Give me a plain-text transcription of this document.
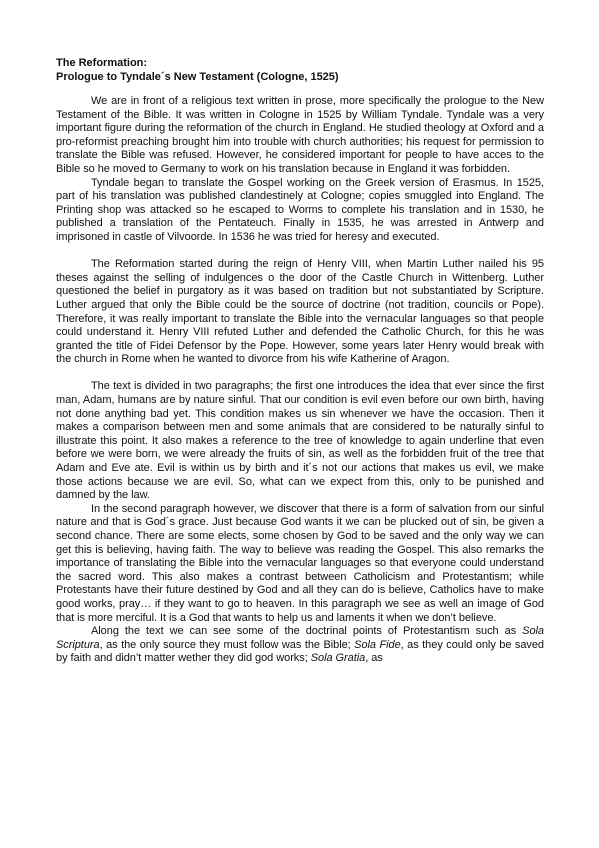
The Reformation:
Prologue to Tyndale´s New Testament (Cologne, 1525)

We are in front of a religious text written in prose, more specifically the prologue to the New Testament of the Bible. It was written in Cologne in 1525 by William Tyndale. Tyndale was a very important figure during the reformation of the church in England. He studied theology at Oxford and a pro-reformist preaching brought him into trouble with church authorities; his request for permission to translate the Bible was refused. However, he considered important for people to have acces to the Bible so he moved to Germany to work on his translation because in England it was forbidden.

Tyndale began to translate the Gospel working on the Greek version of Erasmus. In 1525, part of his translation was published clandestinely at Cologne; copies smuggled into England. The Printing shop was attacked so he escaped to Worms to complete his translation and in 1530, he published a translation of the Pentateuch. Finally in 1535, he was arrested in Antwerp and imprisoned in castle of Vilvoorde. In 1536 he was tried for heresy and executed.

The Reformation started during the reign of Henry VIII, when Martin Luther nailed his 95 theses against the selling of indulgences o the door of the Castle Church in Wittenberg. Luther questioned the belief in purgatory as it was based on tradition but not substantiated by Scripture. Luther argued that only the Bible could be the source of doctrine (not tradition, councils or Pope). Therefore, it was really important to translate the Bible into the vernacular languages so that people could understand it. Henry VIII refuted Luther and defended the Catholic Church, for this he was granted the title of Fidei Defensor by the Pope. However, some years later Henry would break with the church in Rome when he wanted to divorce from his wife Katherine of Aragon.

The text is divided in two paragraphs; the first one introduces the idea that ever since the first man, Adam, humans are by nature sinful. That our condition is evil even before our own birth, having not done anything bad yet. This condition makes us sin whenever we have the occasion. Then it makes a comparison between men and some animals that are considered to be naturally sinful to illustrate this point. It also makes a reference to the tree of knowledge to again underline that even before we were born, we were already the fruits of sin, as well as the forbidden fruit of the tree that Adam and Eve ate. Evil is within us by birth and it´s not our actions that makes us evil, we make those actions because we are evil. So, what can we expect from this, only to be punished and damned by the law.

In the second paragraph however, we discover that there is a form of salvation from our sinful nature and that is God´s grace. Just because God wants it we can be plucked out of sin, be given a second chance. There are some elects, some chosen by God to be saved and the only way we can get this is believing, having faith. The way to believe was reading the Gospel. This also remarks the importance of translating the Bible into the vernacular languages so that everyone could understand the sacred word. This also makes a contrast between Catholicism and Protestantism; while Protestants have their future destined by God and all they can do is believe, Catholics have to make good works, pray… if they want to go to heaven. In this paragraph we see as well an image of God that is more merciful. It is a God that wants to help us and laments it when we don’t believe.

Along the text we can see some of the doctrinal points of Protestantism such as Sola Scriptura, as the only source they must follow was the Bible; Sola Fide, as they could only be saved by faith and didn’t matter wether they did god works; Sola Gratia, as
